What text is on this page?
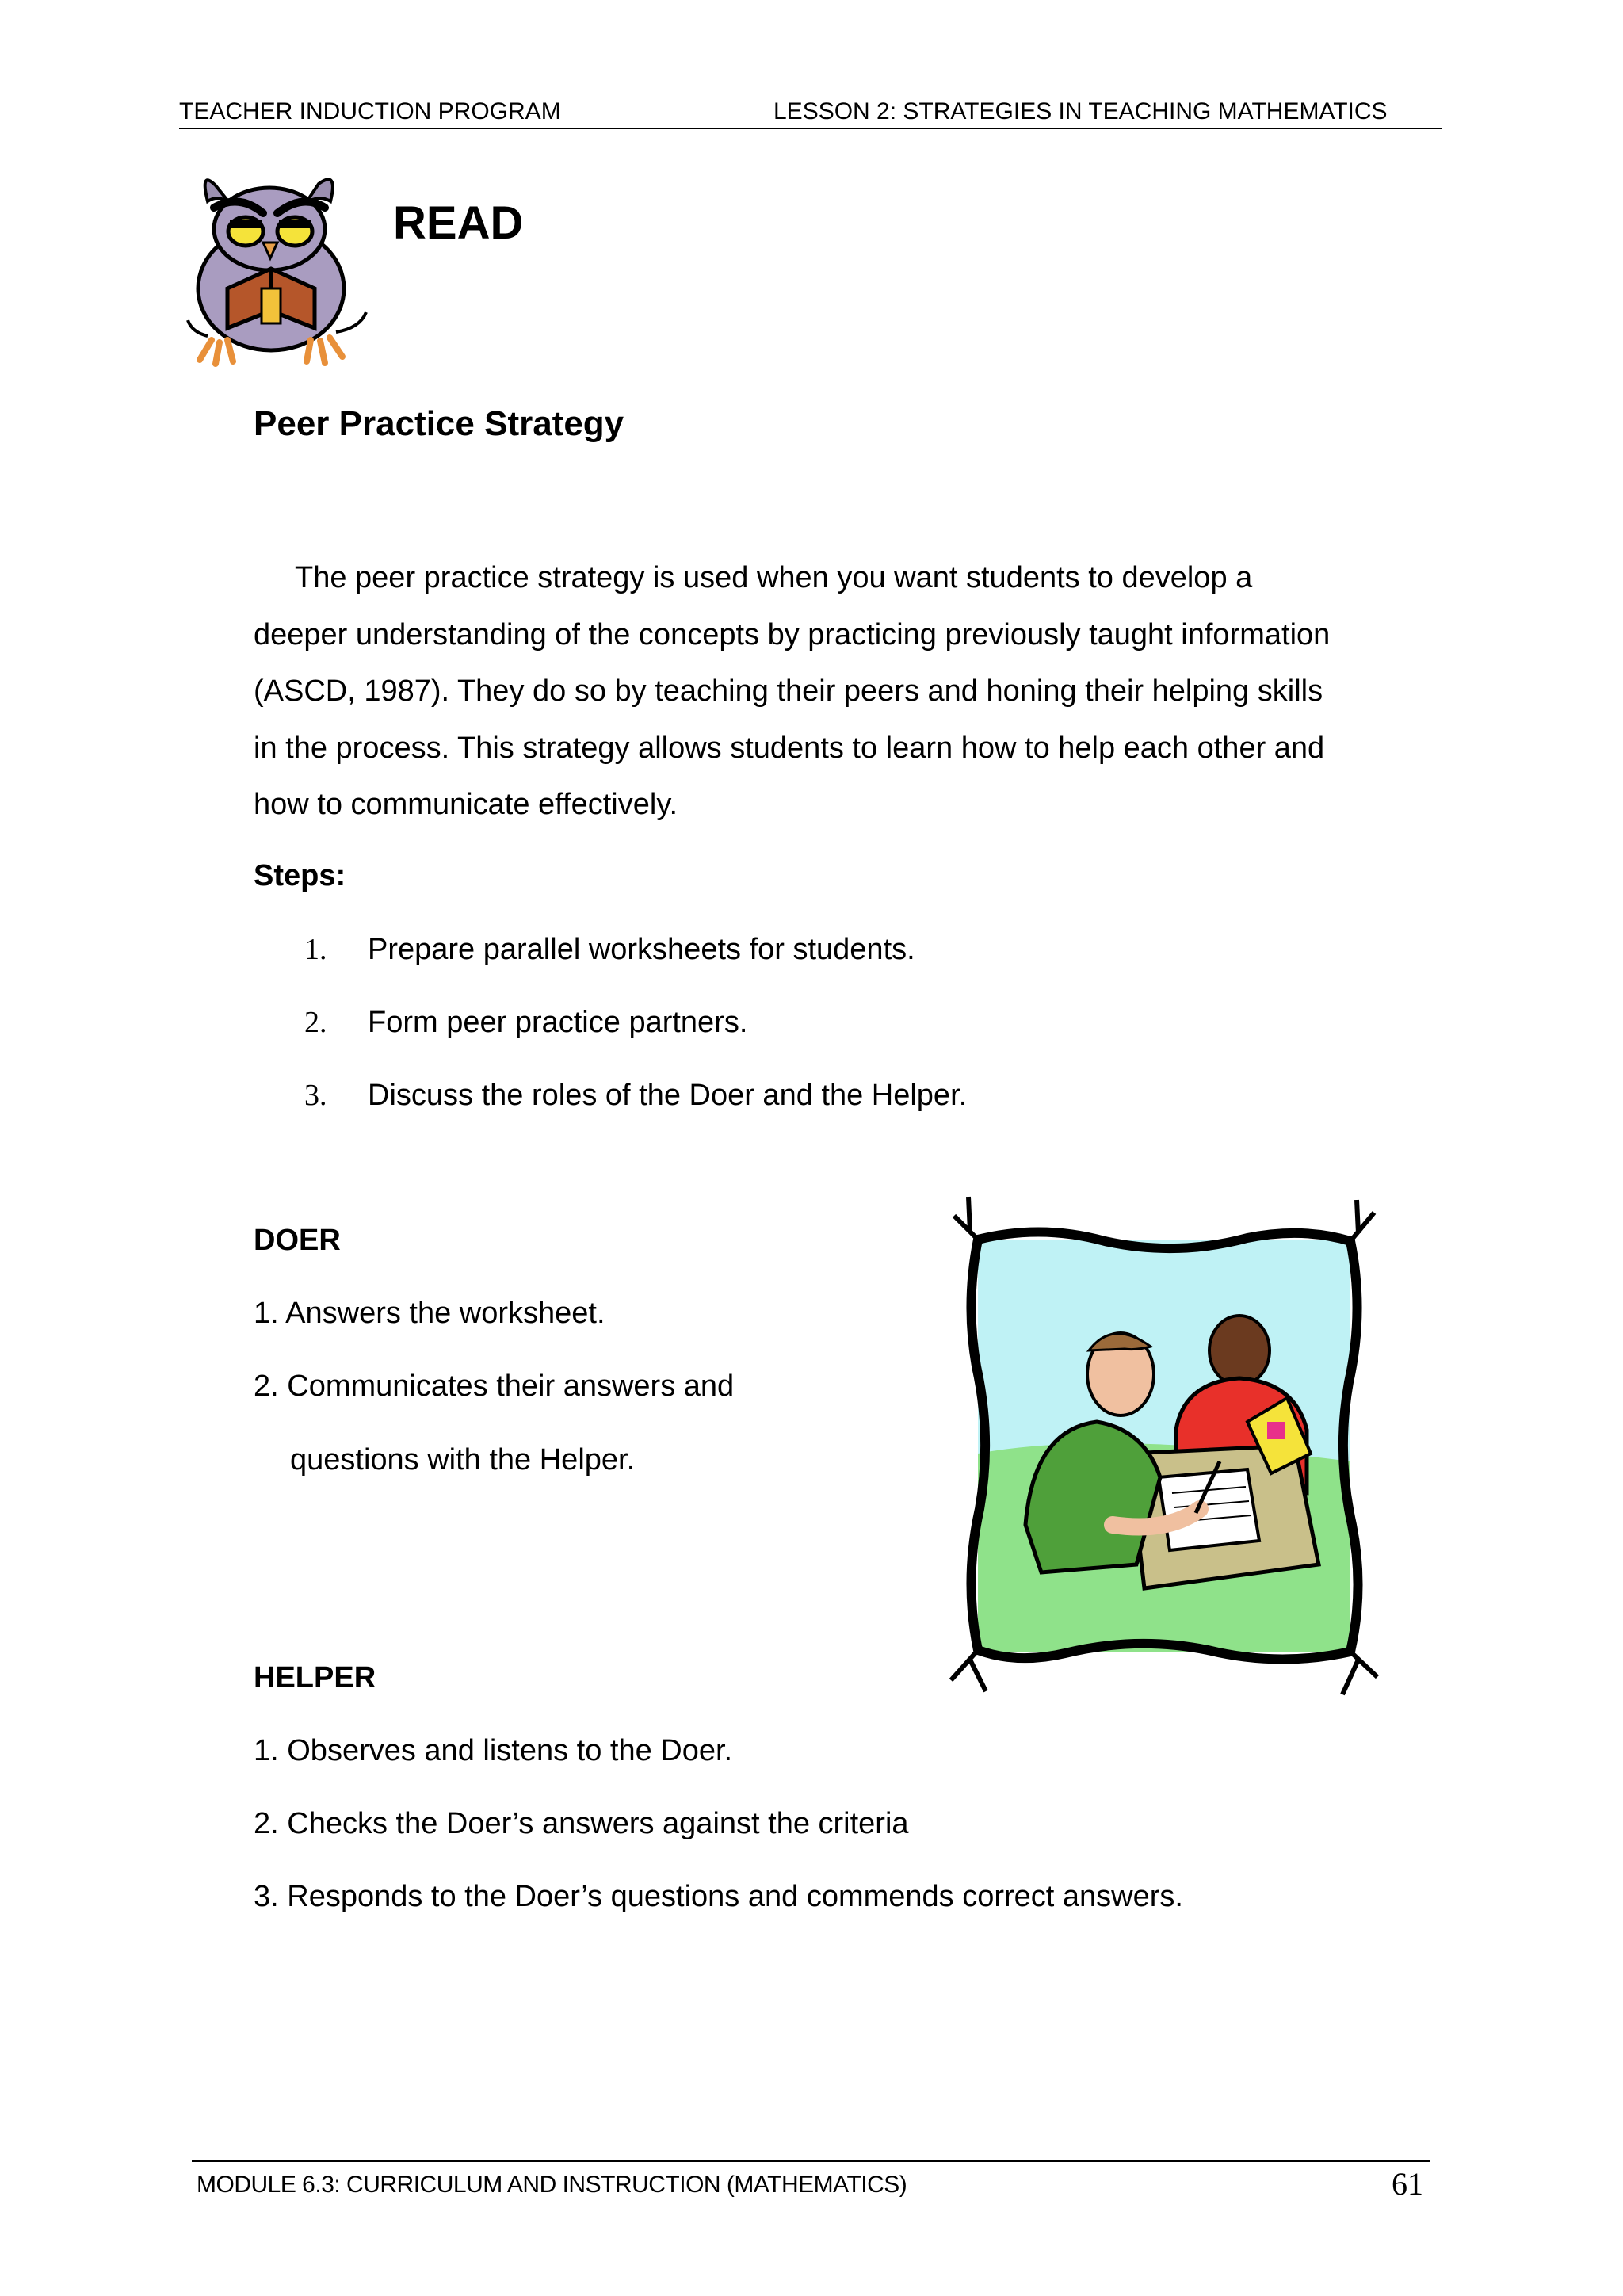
TEACHER INDUCTION PROGRAM	LESSON 2: STRATEGIES IN TEACHING MATHEMATICS
READ
Peer Practice Strategy
The peer practice strategy is used when you want students to develop a
deeper understanding of the concepts by practicing previously taught information
(ASCD, 1987). They do so by teaching their peers and honing their helping skills
in the process. This strategy allows students to learn how to help each other and
how to communicate effectively.
Steps:
1. Prepare parallel worksheets for students.
2. Form peer practice partners.
3. Discuss the roles of the Doer and the Helper.
DOER
1. Answers the worksheet.
2. Communicates their answers and
questions with the Helper.
HELPER
1. Observes and listens to the Doer.
2. Checks the Doer’s answers against the criteria
3. Responds to the Doer’s questions and commends correct answers.
MODULE 6.3: CURRICULUM AND INSTRUCTION (MATHEMATICS)	61
